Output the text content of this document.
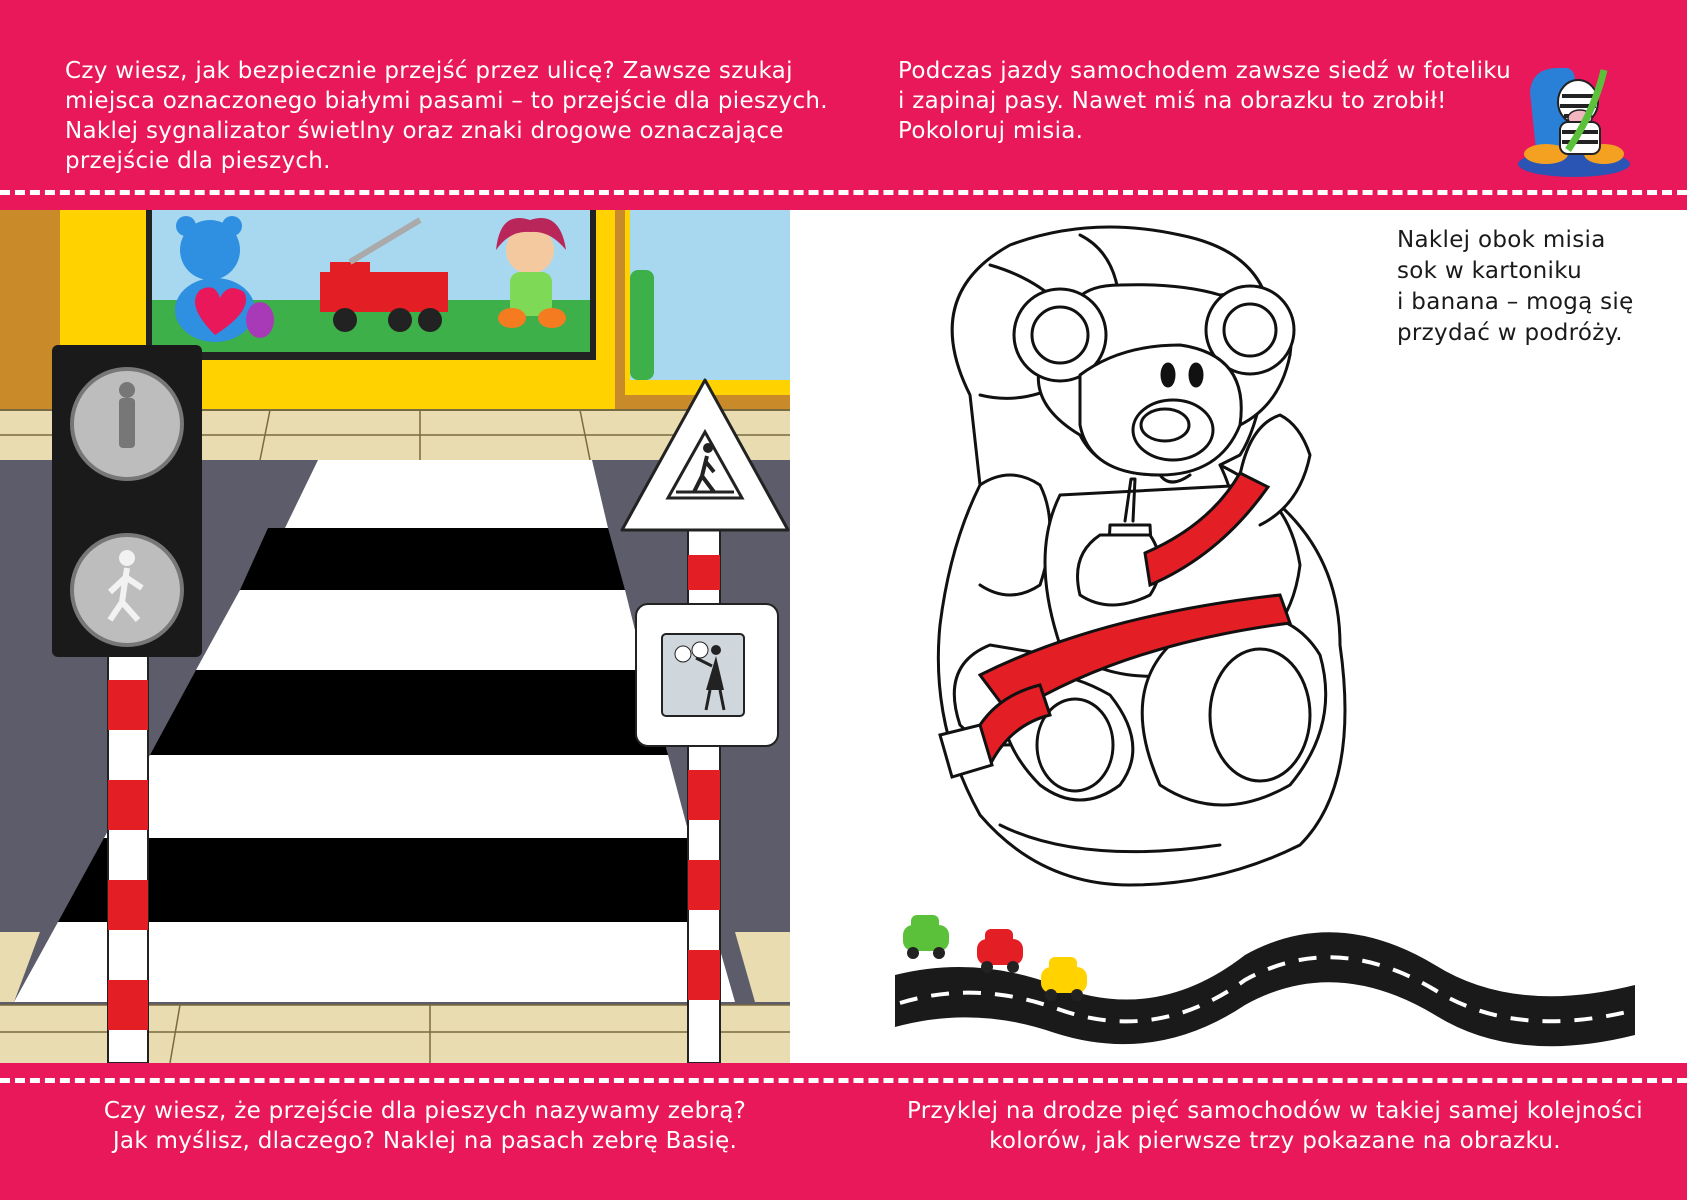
Czy wiesz, jak bezpiecznie przejść przez ulicę? Zawsze szukaj

miejsca oznaczonego białymi pasami – to przejście dla pieszych.

Naklej sygnalizator świetlny oraz znaki drogowe oznaczające

przejście dla pieszych.

Podczas jazdy samochodem zawsze siedź w foteliku

i zapinaj pasy. Nawet miś na obrazku to zrobił!

Pokoloruj misia.

Naklej obok misia

sok w kartoniku

i banana – mogą się

przydać w podróży.

Czy wiesz, że przejście dla pieszych nazywamy zebrą?

Jak myślisz, dlaczego? Naklej na pasach zebrę Basię.

Przyklej na drodze pięć samochodów w takiej samej kolejności

kolorów, jak pierwsze trzy pokazane na obrazku.
